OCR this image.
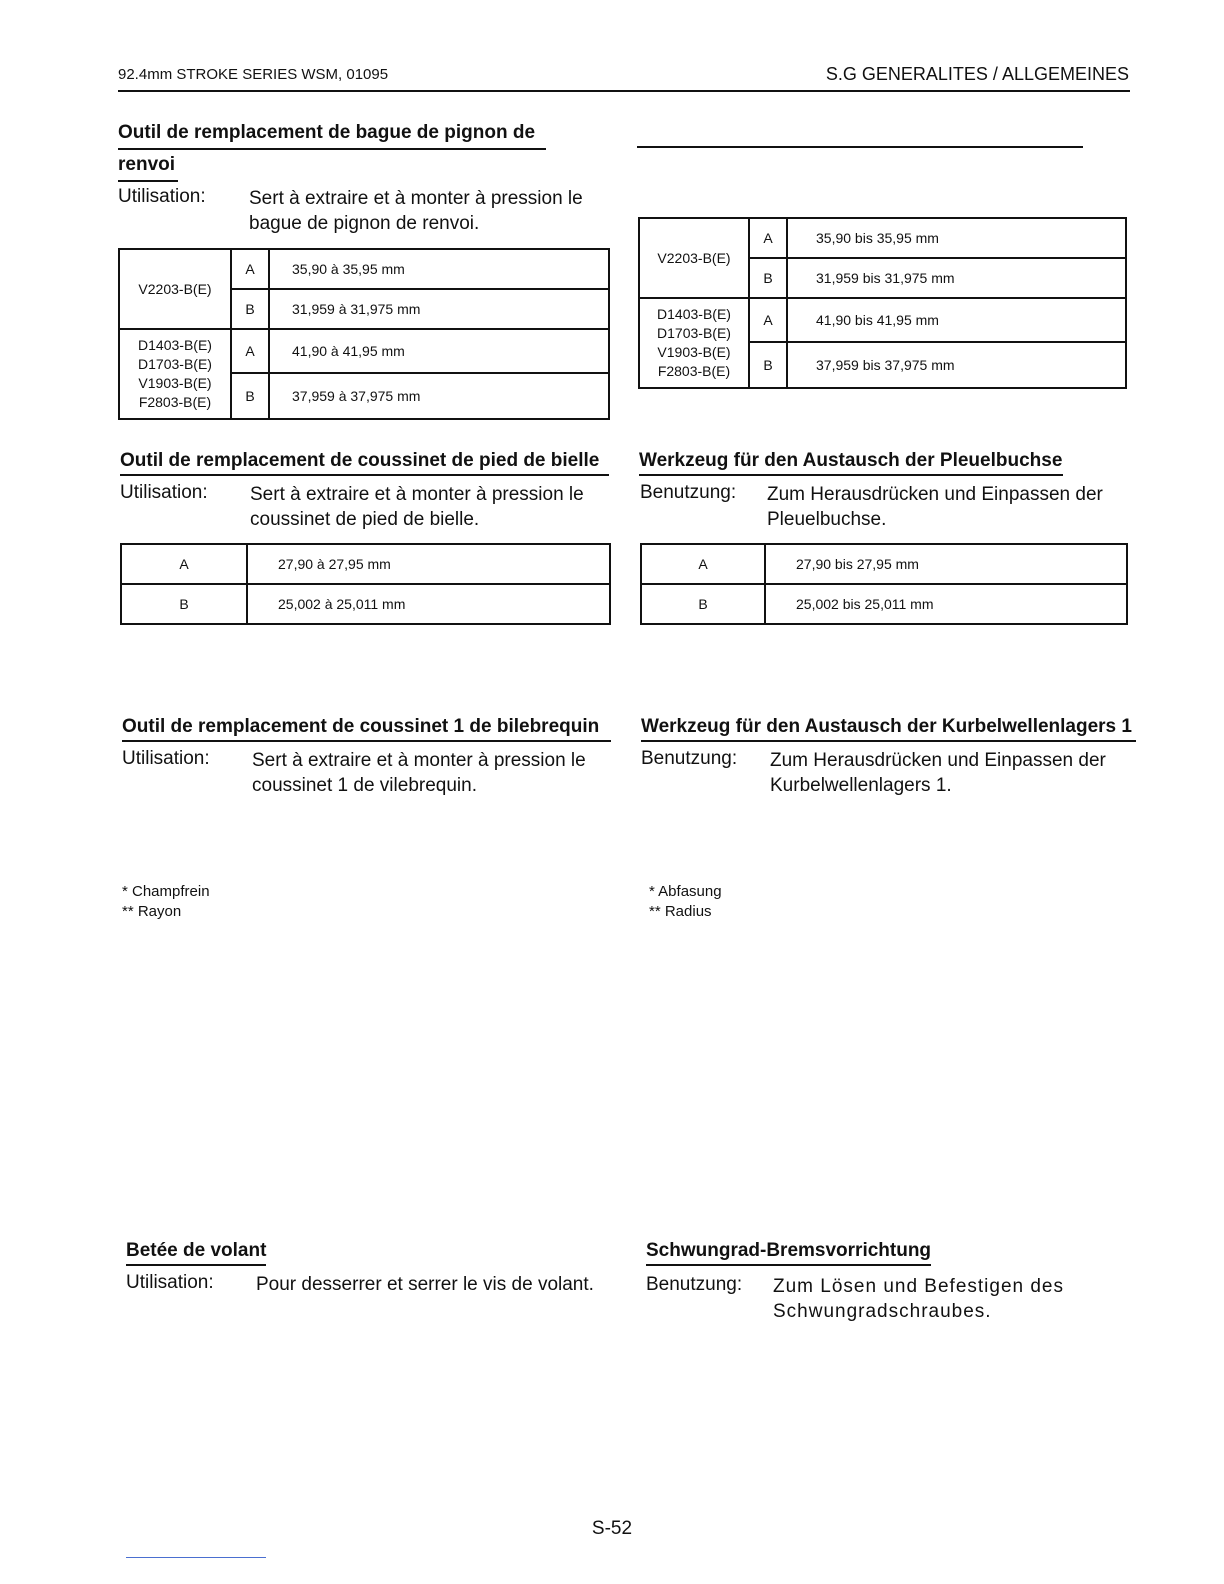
92.4mm STROKE SERIES WSM, 01095	S.G GENERALITES / ALLGEMEINES
Outil de remplacement de bague de pignon de
renvoi
Utilisation: Sert à extraire et à monter à pression le bague de pignon de renvoi.
V2203-B(E)	A	35,90 à 35,95 mm
	B	31,959 à 31,975 mm

D1403-B(E)
D1703-B(E)
V1903-B(E)
F2803-B(E)	A	41,90 à 41,95 mm
	B	37,959 à 37,975 mm
V2203-B(E)	A	35,90 bis 35,95 mm
	B	31,959 bis 31,975 mm

D1403-B(E)
D1703-B(E)
V1903-B(E)
F2803-B(E)	A	41,90 bis 41,95 mm
	B	37,959 bis 37,975 mm
Outil de remplacement de coussinet de pied de bielle
Utilisation: Sert à extraire et à monter à pression le coussinet de pied de bielle.
A	27,90 à 27,95 mm
B	25,002 à 25,011 mm
Werkzeug für den Austausch der Pleuelbuchse
Benutzung: Zum Herausdrücken und Einpassen der Pleuelbuchse.
A	27,90 bis 27,95 mm
B	25,002 bis 25,011 mm
Outil de remplacement de coussinet 1 de bilebrequin
Utilisation: Sert à extraire et à monter à pression le coussinet 1 de vilebrequin.
* Champfrein
** Rayon
Werkzeug für den Austausch der Kurbelwellenlagers 1
Benutzung: Zum Herausdrücken und Einpassen der Kurbelwellenlagers 1.
* Abfasung
** Radius
Betée de volant
Utilisation: Pour desserrer et serrer le vis de volant.
Schwungrad-Bremsvorrichtung
Benutzung: Zum Lösen und Befestigen des Schwungradschraubes.
S-52
